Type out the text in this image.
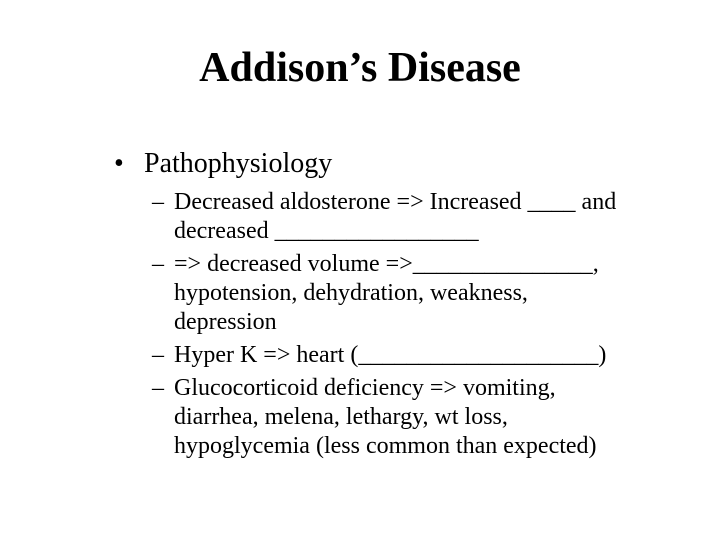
Addison’s Disease
• Pathophysiology
– Decreased aldosterone => Increased ____ and
decreased _________________
– => decreased volume =>_______________,
hypotension, dehydration, weakness,
depression
– Hyper K => heart (____________________)
– Glucocorticoid deficiency => vomiting,
diarrhea, melena, lethargy, wt loss,
hypoglycemia (less common than expected)
